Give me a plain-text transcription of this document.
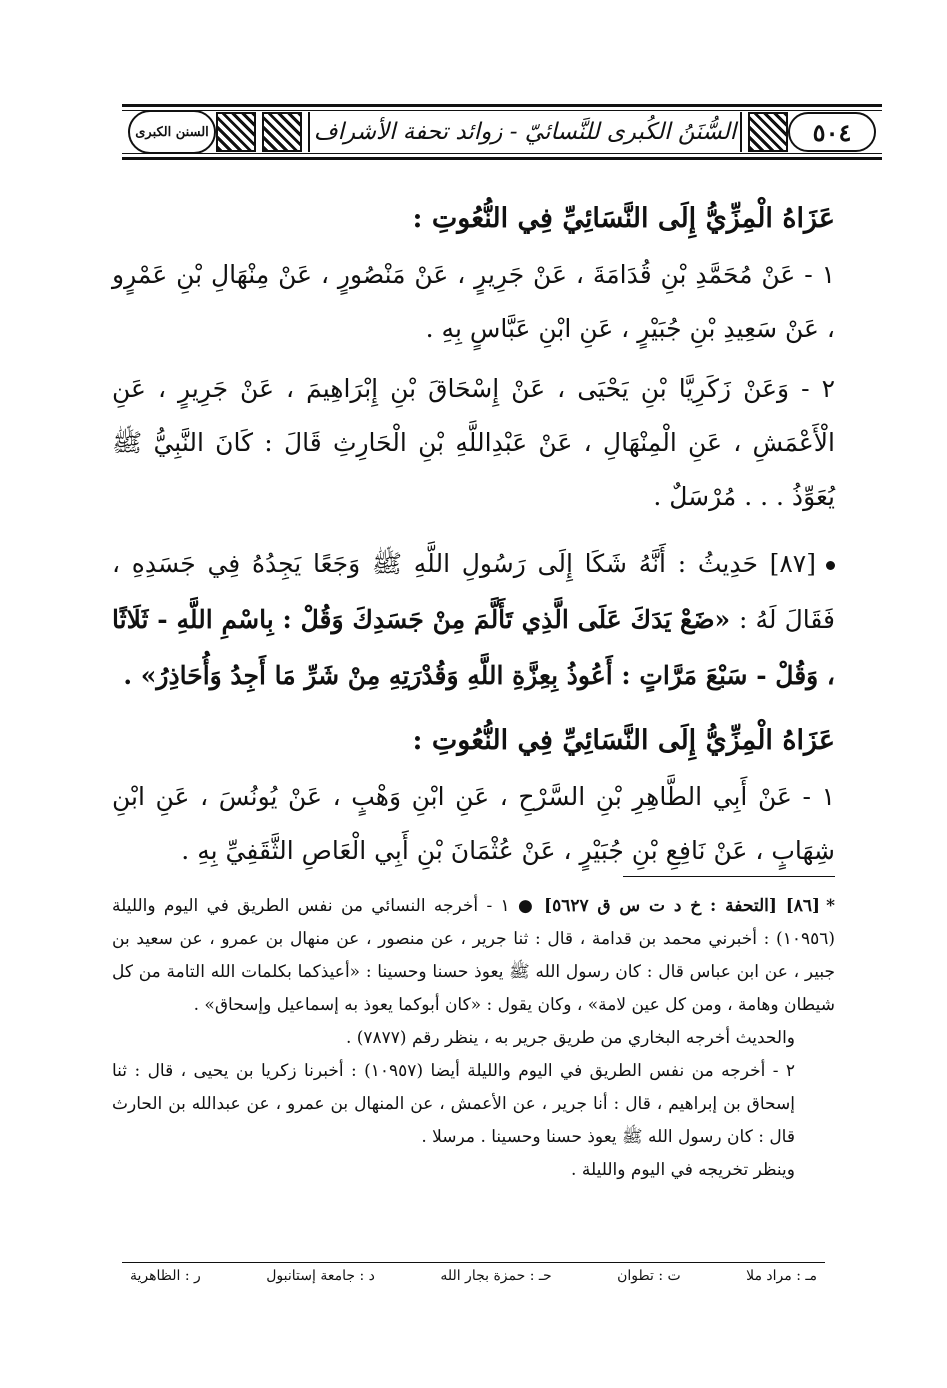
٥٠٤
السُّنَنُ الكُبرى للنَّسائيّ - زوائد تحفة الأشراف
السنن الكبرى
عَزَاهُ الْمِزِّيُّ إِلَى النَّسَائِيِّ فِي النُّعُوتِ :

١ - عَنْ مُحَمَّدِ بْنِ قُدَامَةَ ، عَنْ جَرِيرٍ ، عَنْ مَنْصُورٍ ، عَنْ مِنْهَالِ بْنِ عَمْرٍو ، عَنْ سَعِيدِ بْنِ جُبَيْرٍ ، عَنِ ابْنِ عَبَّاسٍ بِهِ .

٢ - وَعَنْ زَكَرِيَّا بْنِ يَحْيَى ، عَنْ إِسْحَاقَ بْنِ إِبْرَاهِيمَ ، عَنْ جَرِيرٍ ، عَنِ الْأَعْمَشِ ، عَنِ الْمِنْهَالِ ، عَنْ عَبْدِاللَّهِ بْنِ الْحَارِثِ قَالَ : كَانَ النَّبِيُّ ﷺ يُعَوِّذُ . . . مُرْسَلٌ .

[٨٧] حَدِيثُ : أَنَّهُ شَكَا إِلَى رَسُولِ اللَّهِ ﷺ وَجَعًا يَجِدُهُ فِي جَسَدِهِ ، فَقَالَ لَهُ : «ضَعْ يَدَكَ عَلَى الَّذِي تَأَلَّمَ مِنْ جَسَدِكَ وَقُلْ : بِاسْمِ اللَّهِ - ثَلَاثًا ، وَقُلْ - سَبْعَ مَرَّاتٍ : أَعُوذُ بِعِزَّةِ اللَّهِ وَقُدْرَتِهِ مِنْ شَرِّ مَا أَجِدُ وَأُحَاذِرُ» .

عَزَاهُ الْمِزِّيُّ إِلَى النَّسَائِيِّ فِي النُّعُوتِ :

١ - عَنْ أَبِي الطَّاهِرِ بْنِ السَّرْحِ ، عَنِ ابْنِ وَهْبٍ ، عَنْ يُونُسَ ، عَنِ ابْنِ شِهَابٍ ، عَنْ نَافِعِ بْنِ جُبَيْرٍ ، عَنْ عُثْمَانَ بْنِ أَبِي الْعَاصِ الثَّقَفِيِّ بِهِ .

*[٨٦] [التحفة : خ د ت س ق ٥٦٢٧] ● ١ - أخرجه النسائي من نفس الطريق في اليوم والليلة (١٠٩٥٦) : أخبرني محمد بن قدامة ، قال : ثنا جرير ، عن منصور ، عن منهال بن عمرو ، عن سعيد بن جبير ، عن ابن عباس قال : كان رسول الله ﷺ يعوذ حسنا وحسينا : «أعيذكما بكلمات الله التامة من كل شيطان وهامة ، ومن كل عين لامة» ، وكان يقول : «كان أبوكما يعوذ به إسماعيل وإسحاق» .

والحديث أخرجه البخاري من طريق جرير به ، ينظر رقم (٧٨٧٧) .

٢ - أخرجه من نفس الطريق في اليوم والليلة أيضا (١٠٩٥٧) : أخبرنا زكريا بن يحيى ، قال : ثنا إسحاق بن إبراهيم ، قال : أنا جرير ، عن الأعمش ، عن المنهال بن عمرو ، عن عبدالله بن الحارث قال : كان رسول الله ﷺ يعوذ حسنا وحسينا . مرسلا .

وينظر تخريجه في اليوم والليلة .

مـ : مراد ملا
ت : تطوان
حـ : حمزة بجار الله
د : جامعة إستانبول
ر : الظاهرية
